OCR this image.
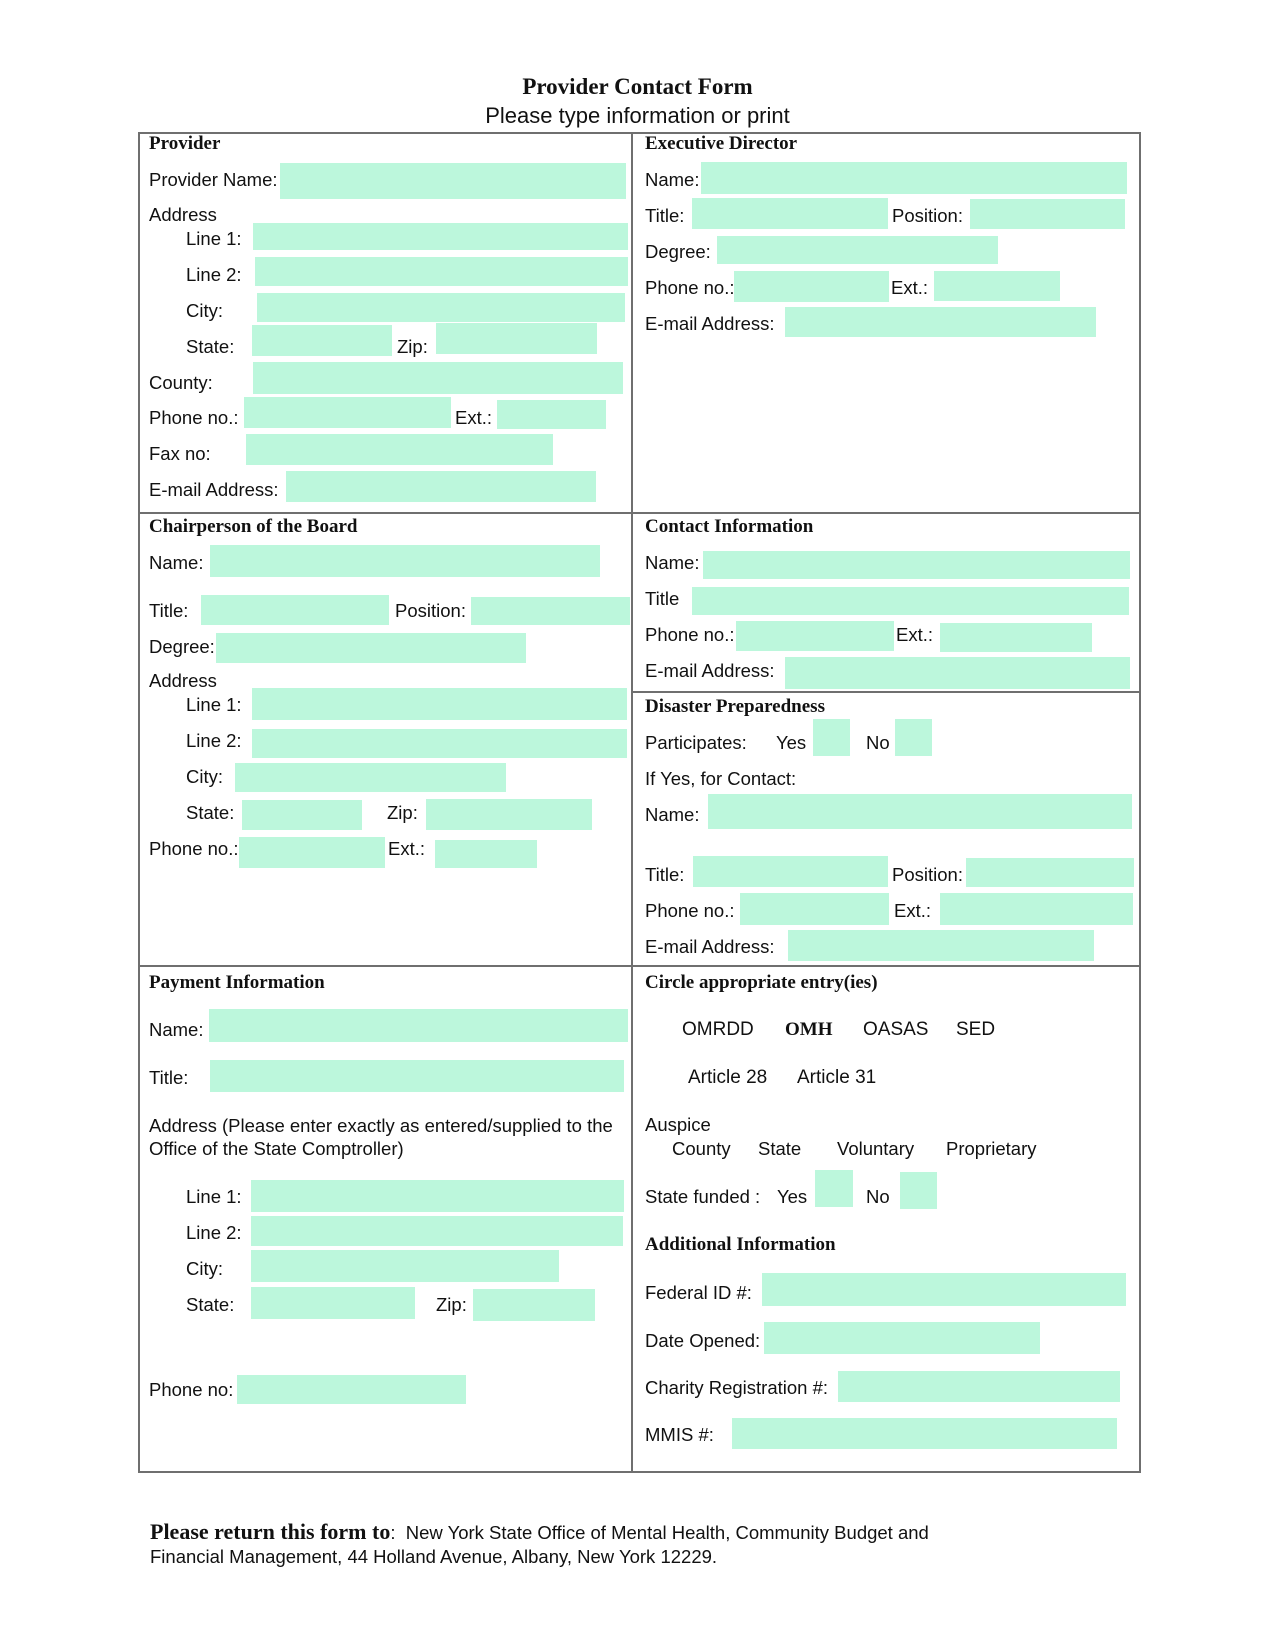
Provider Contact Form
Please type information or print
Provider
Provider Name:
Address
Line 1:
Line 2:
City:
State:	Zip:
County:
Phone no.:	Ext.:
Fax no:
E-mail Address:
Executive Director
Name:
Title:	Position:
Degree:
Phone no.:	Ext.:
E-mail Address:
Chairperson of the Board
Name:
Title:	Position:
Degree:
Address
Line 1:
Line 2:
City:
State:	Zip:
Phone no.:	Ext.:
Contact Information
Name:
Title
Phone no.:	Ext.:
E-mail Address:
Disaster Preparedness
Participates: Yes	No
If Yes, for Contact:
Name:
Title:	Position:
Phone no.:	Ext.:
E-mail Address:
Payment Information
Name:
Title:
Address (Please enter exactly as entered/supplied to the
Office of the State Comptroller)
Line 1:
Line 2:
City:
State:	Zip:
Phone no:
Circle appropriate entry(ies)
OMRDD OMH OASAS SED
Article 28 Article 31
Auspice
County State Voluntary Proprietary
State funded : Yes	No
Additional Information
Federal ID #:
Date Opened:
Charity Registration #:
MMIS #:
Please return this form to: New York State Office of Mental Health, Community Budget and
Financial Management, 44 Holland Avenue, Albany, New York 12229.
